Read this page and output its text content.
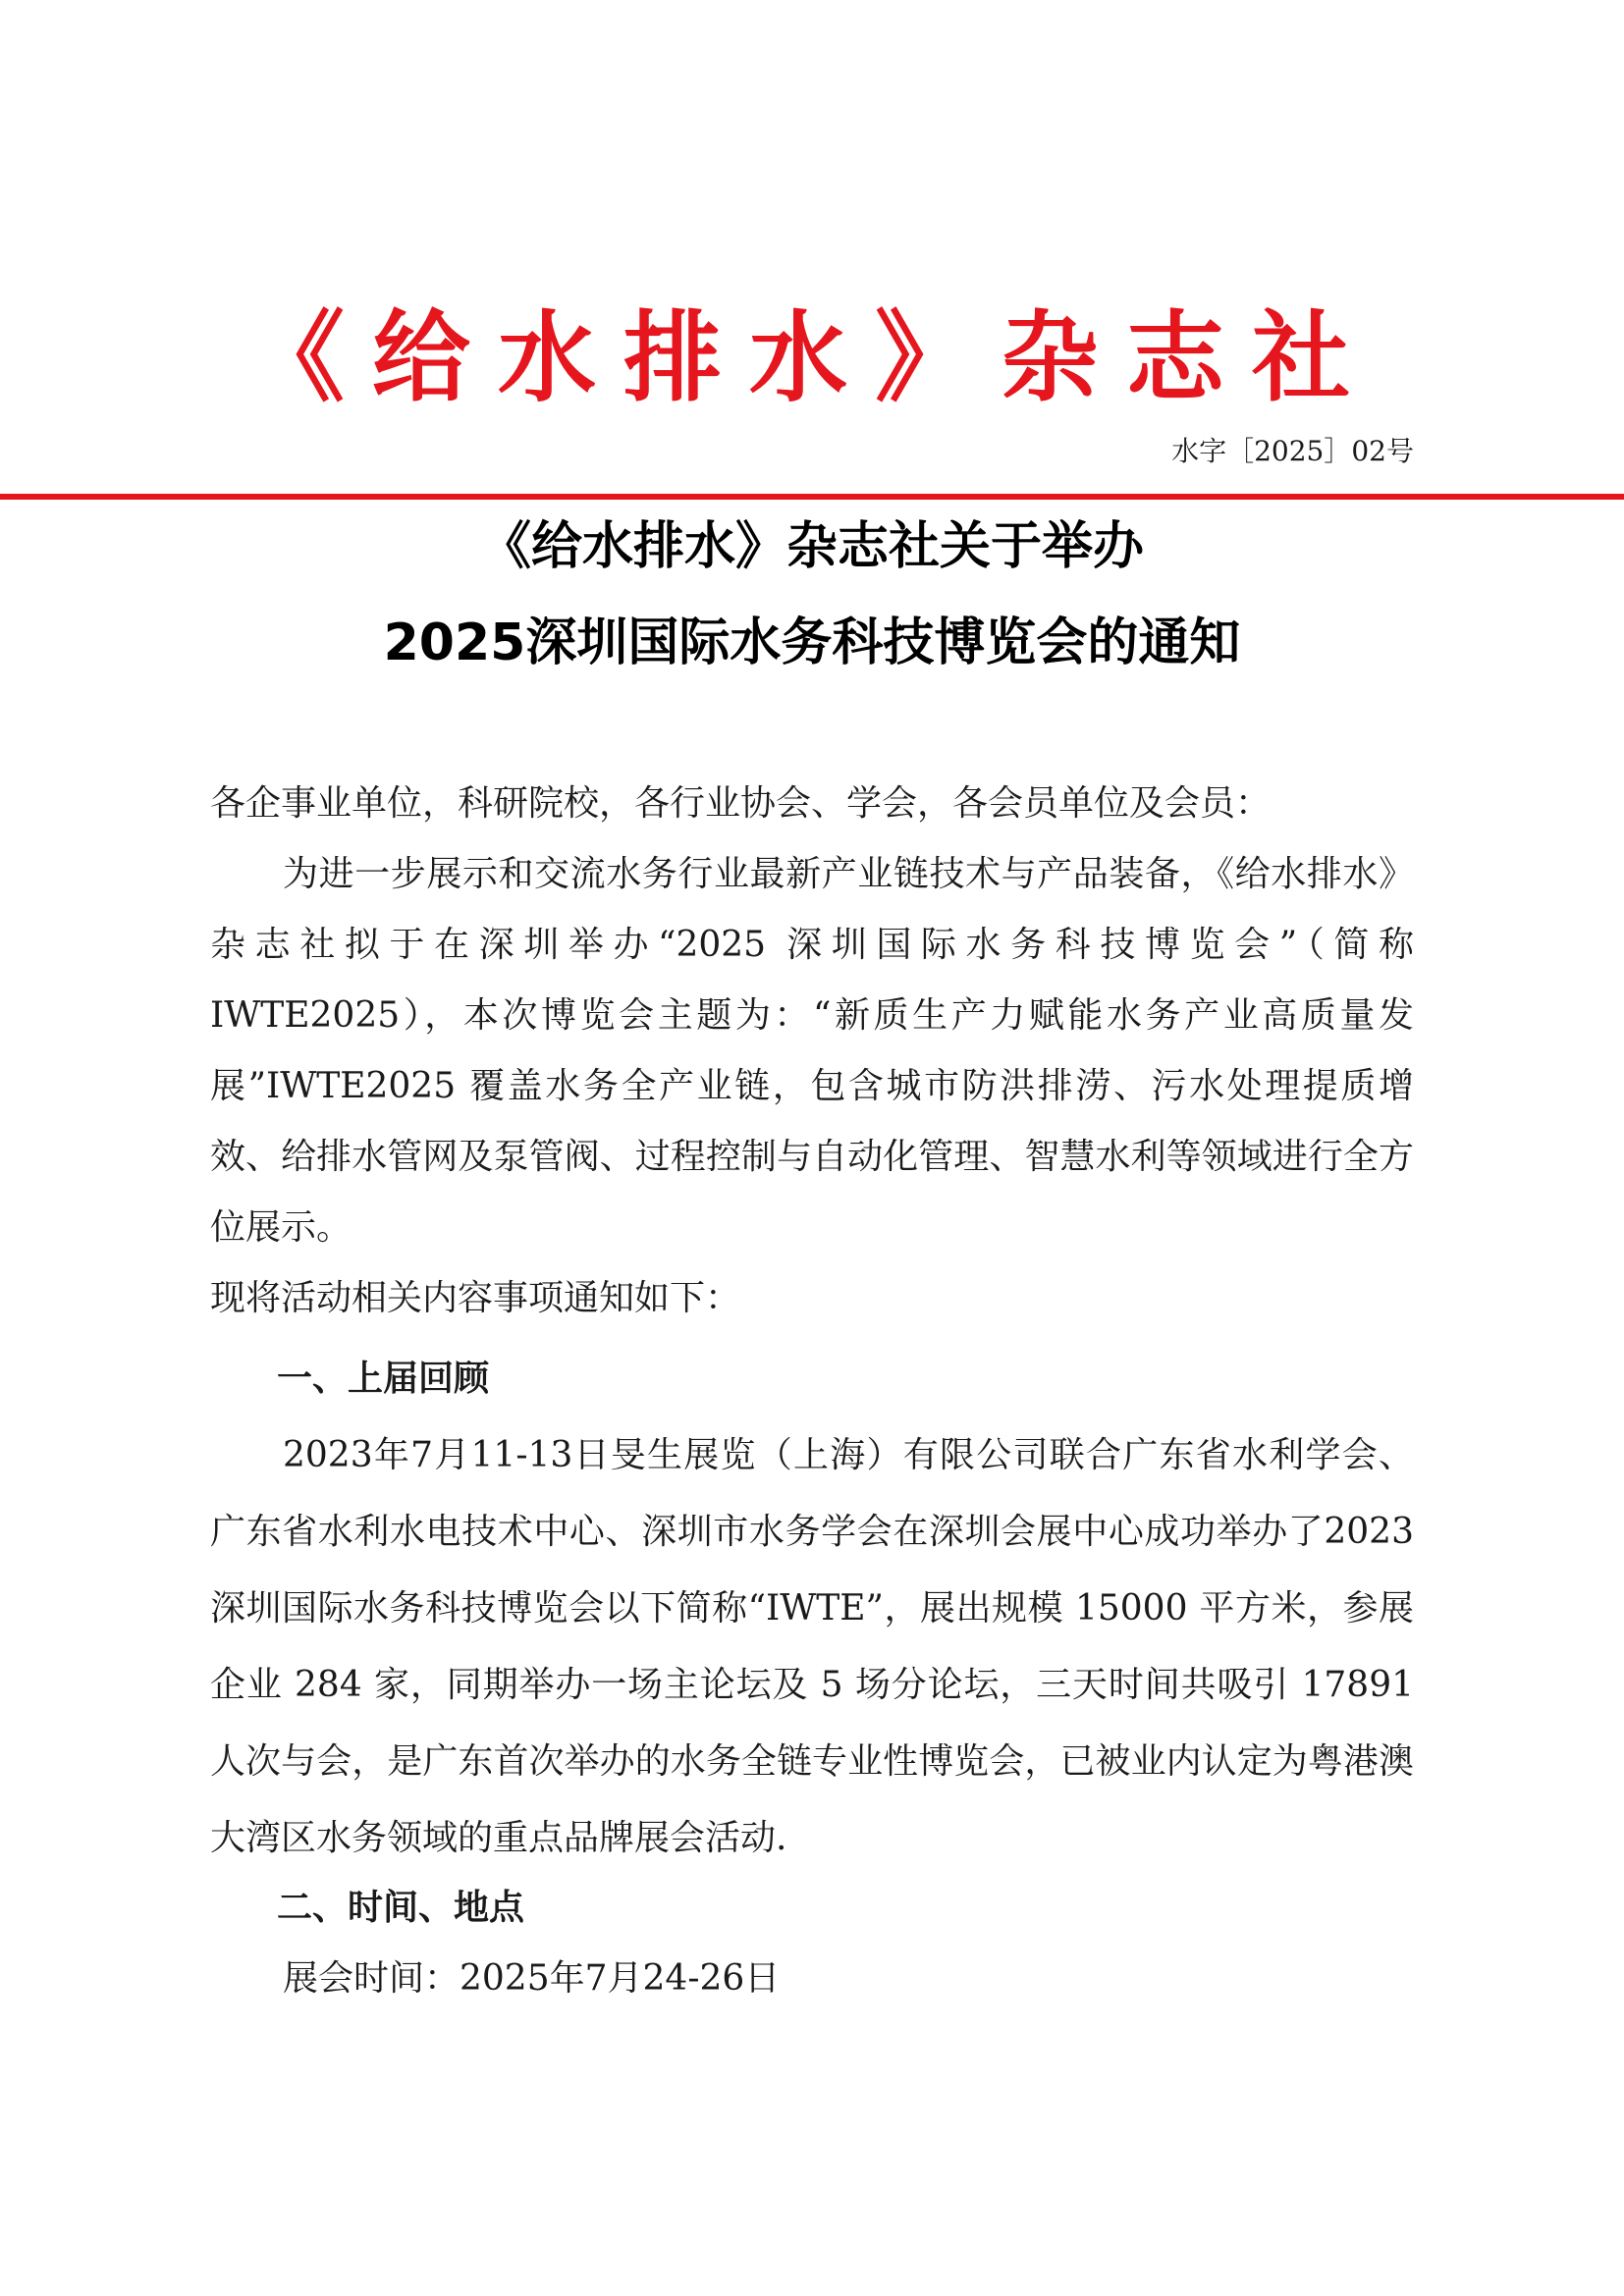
《给水排水》杂志社
水字［2025］02号
《给水排水》杂志社关于举办
2025深圳国际水务科技博览会的通知

各企事业单位，科研院校，各行业协会、学会，各会员单位及会员：

为进一步展示和交流水务行业最新产业链技术与产品装备，《给水排水》杂志社拟于在深圳举办“2025 深圳国际水务科技博览会”（简称IWTE2025），本次博览会主题为：“新质生产力赋能水务产业高质量发展”IWTE2025 覆盖水务全产业链，包含城市防洪排涝、污水处理提质增效、给排水管网及泵管阀、过程控制与自动化管理、智慧水利等领域进行全方位展示。

现将活动相关内容事项通知如下：

一、上届回顾

2023年7月11-13日旻生展览（上海）有限公司联合广东省水利学会、广东省水利水电技术中心、深圳市水务学会在深圳会展中心成功举办了2023 深圳国际水务科技博览会以下简称“IWTE”，展出规模 15000 平方米，参展企业 284 家，同期举办一场主论坛及 5 场分论坛，三天时间共吸引 17891 人次与会，是广东首次举办的水务全链专业性博览会，已被业内认定为粤港澳大湾区水务领域的重点品牌展会活动.

二、时间、地点

展会时间：2025年7月24-26日
